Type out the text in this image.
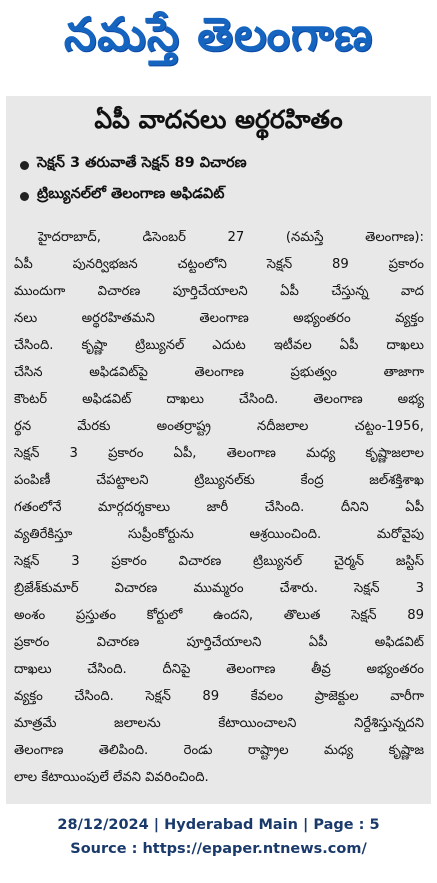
నమస్తే తెలంగాణ
ఏపీ వాదనలు అర్థరహితం
సెక్షన్ 3 తరువాతే సెక్షన్ 89 విచారణ
ట్రిబ్యునల్‌లో తెలంగాణ అఫిడవిట్
హైదరాబాద్, డిసెంబర్ 27 (నమస్తే తెలంగాణ):
ఏపీ పునర్విభజన చట్టంలోని సెక్షన్ 89 ప్రకారం
ముందుగా విచారణ పూర్తిచేయాలని ఏపీ చేస్తున్న వాద
నలు అర్థరహితమని తెలంగాణ అభ్యంతరం వ్యక్తం
చేసింది. కృష్ణా ట్రిబ్యునల్ ఎదుట ఇటీవల ఏపీ దాఖలు
చేసిన అఫిడవిట్‌పై తెలంగాణ ప్రభుత్వం తాజాగా
కౌంటర్ అఫిడవిట్ దాఖలు చేసింది. తెలంగాణ అభ్య
ర్థన మేరకు అంతర్రాష్ట్ర నదీజలాల చట్టం-1956,
సెక్షన్ 3 ప్రకారం ఏపీ, తెలంగాణ మధ్య కృష్ణాజలాల
పంపిణీ చేపట్టాలని ట్రిబ్యునల్‌కు కేంద్ర జల్‌శక్తిశాఖ
గతంలోనే మార్గదర్శకాలు జారీ చేసింది. దీనిని ఏపీ
వ్యతిరేకిస్తూ సుప్రీంకోర్టును ఆశ్రయించింది. మరోవైపు
సెక్షన్ 3 ప్రకారం విచారణ ట్రిబ్యునల్ చైర్మన్ జస్టిస్
బ్రిజేశ్‌కుమార్ విచారణ ముమ్మరం చేశారు. సెక్షన్ 3
అంశం ప్రస్తుతం కోర్టులో ఉందని, తొలుత సెక్షన్ 89
ప్రకారం విచారణ పూర్తిచేయాలని ఏపీ అఫిడవిట్
దాఖలు చేసింది. దీనిపై తెలంగాణ తీవ్ర అభ్యంతరం
వ్యక్తం చేసింది. సెక్షన్ 89 కేవలం ప్రాజెక్టుల వారీగా
మాత్రమే జలాలను కేటాయించాలని నిర్దేశిస్తున్నదని
తెలంగాణ తెలిపింది. రెండు రాష్ట్రాల మధ్య కృష్ణాజ
లాల కేటాయింపులే లేవని వివరించింది.
28/12/2024 | Hyderabad Main | Page : 5
Source : https://epaper.ntnews.com/
